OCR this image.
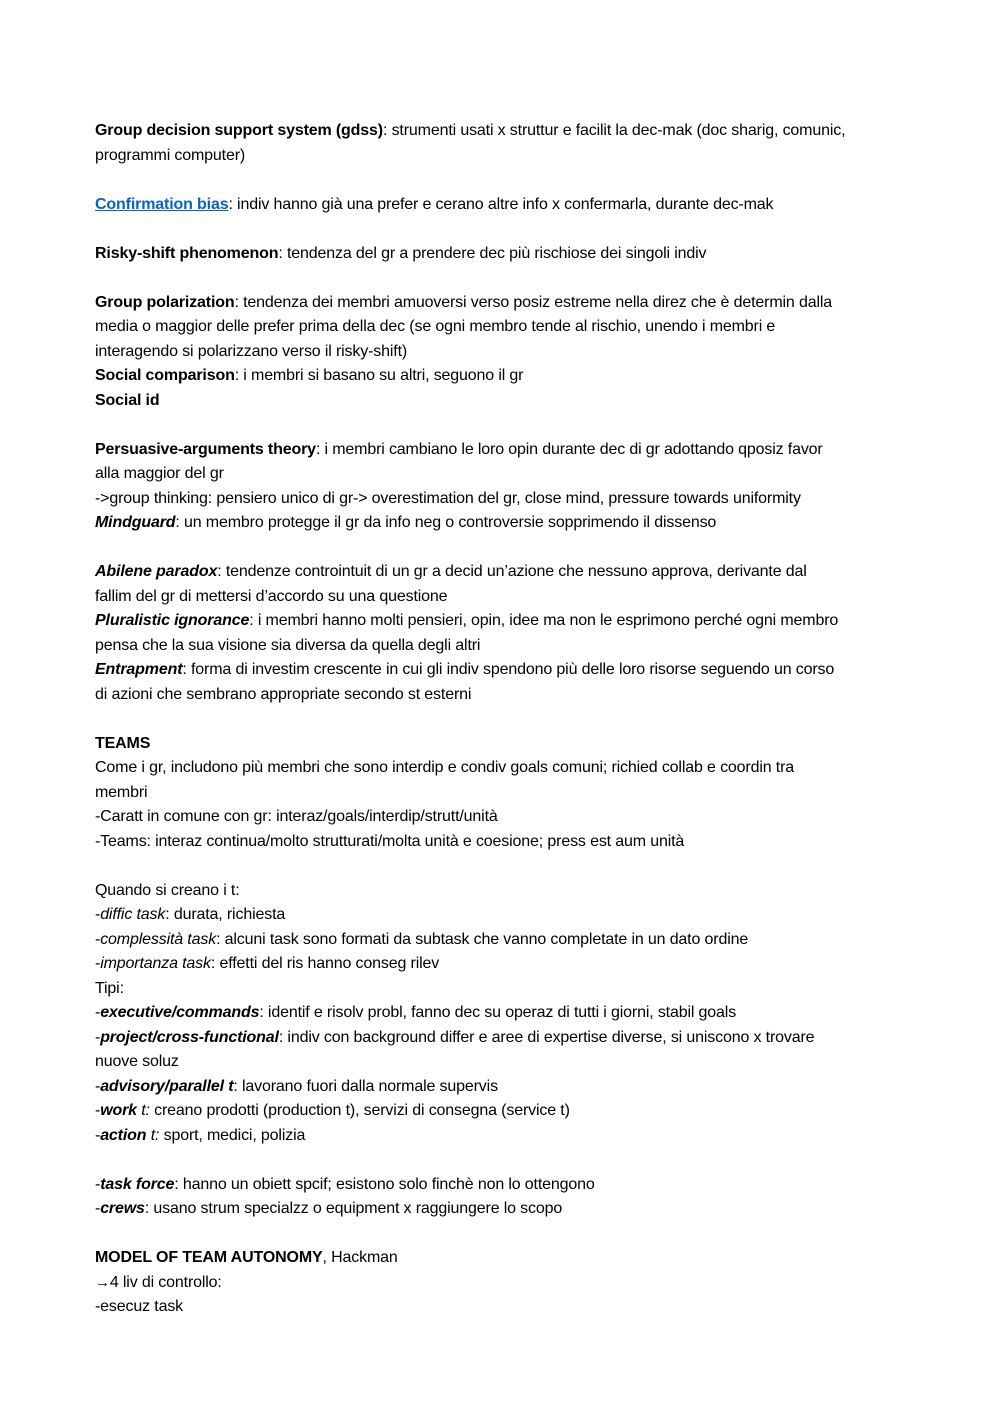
Group decision support system (gdss): strumenti usati x struttur e facilit la dec-mak (doc sharig, comunic,
programmi computer)
Confirmation bias: indiv hanno già una prefer e cerano altre info x confermarla, durante dec-mak
Risky-shift phenomenon: tendenza del gr a prendere dec più rischiose dei singoli indiv
Group polarization: tendenza dei membri amuoversi verso posiz estreme nella direz che è determin dalla
media o maggior delle prefer prima della dec (se ogni membro tende al rischio, unendo i membri e
interagendo si polarizzano verso il risky-shift)
Social comparison: i membri si basano su altri, seguono il gr
Social id
Persuasive-arguments theory: i membri cambiano le loro opin durante dec di gr adottando qposiz favor
alla maggior del gr
->group thinking: pensiero unico di gr-> overestimation del gr, close mind, pressure towards uniformity
Mindguard: un membro protegge il gr da info neg o controversie sopprimendo il dissenso
Abilene paradox: tendenze controintuit di un gr a decid un’azione che nessuno approva, derivante dal
fallim del gr di mettersi d’accordo su una questione
Pluralistic ignorance: i membri hanno molti pensieri, opin, idee ma non le esprimono perché ogni membro
pensa che la sua visione sia diversa da quella degli altri
Entrapment: forma di investim crescente in cui gli indiv spendono più delle loro risorse seguendo un corso
di azioni che sembrano appropriate secondo st esterni
TEAMS
Come i gr, includono più membri che sono interdip e condiv goals comuni; richied collab e coordin tra
membri
-Caratt in comune con gr: interaz/goals/interdip/strutt/unità
-Teams: interaz continua/molto strutturati/molta unità e coesione; press est aum unità
Quando si creano i t:
-diffic task: durata, richiesta
-complessità task: alcuni task sono formati da subtask che vanno completate in un dato ordine
-importanza task: effetti del ris hanno conseg rilev
Tipi:
-executive/commands: identif e risolv probl, fanno dec su operaz di tutti i giorni, stabil goals
-project/cross-functional: indiv con background differ e aree di expertise diverse, si uniscono x trovare
nuove soluz
-advisory/parallel t: lavorano fuori dalla normale supervis
-work t: creano prodotti (production t), servizi di consegna (service t)
-action t: sport, medici, polizia
-task force: hanno un obiett spcif; esistono solo finchè non lo ottengono
-crews: usano strum specialzz o equipment x raggiungere lo scopo
MODEL OF TEAM AUTONOMY, Hackman
→4 liv di controllo:
-esecuz task
